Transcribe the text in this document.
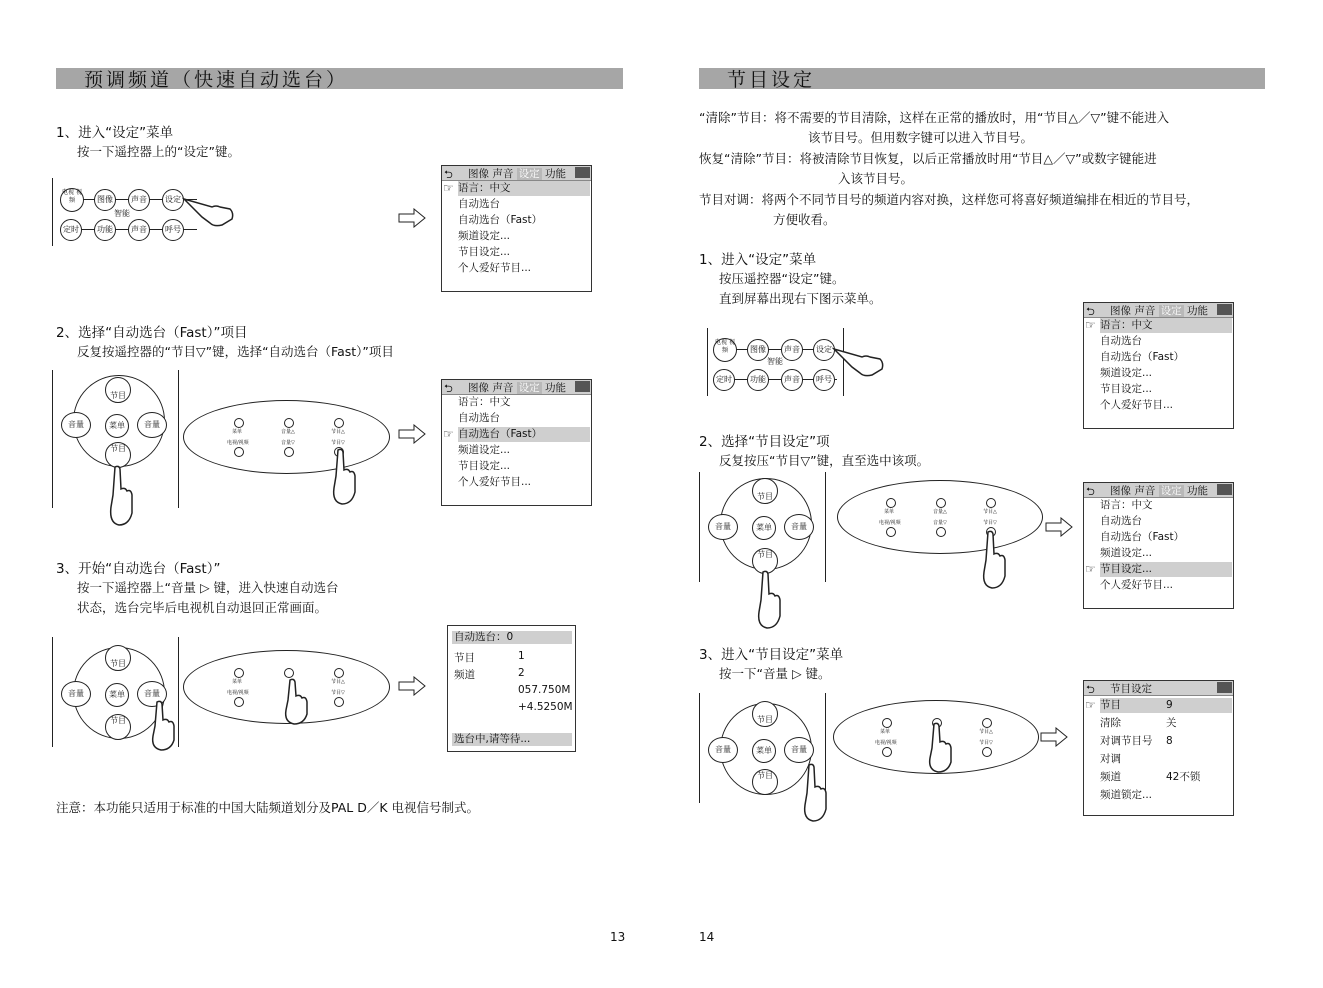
预调频道（快速自动选台）
1、进入“设定”菜单
按一下遥控器上的“设定”键。
电视 视频	图像	声音	设定
智能
定时	功能	声音	呼号
⮌ 图像 声音 设定 功能
☞ 语言：中文
自动选台
自动选台（Fast）
频道设定...
节目设定...
个人爱好节目...
2、选择“自动选台（Fast）”项目
反复按遥控器的“节目▽”键，选择“自动选台（Fast）”项目
节目
节目
音量	音量
菜单
菜单	音量△	节目△
电视/视频	音量▽	节目▽
⮌ 图像 声音 设定 功能
☞
语言：中文
自动选台
自动选台（Fast）
频道设定...
节目设定...
个人爱好节目...
3、开始“自动选台（Fast）”
按一下遥控器上“音量 ▷ 键，进入快速自动选台
状态，选台完毕后电视机自动退回正常画面。
节目
节目
音量	音量
菜单
菜单	节目△
电视/视频	节目▽
自动选台：0
节目	1
频道	2
057.750M
+4.5250M
选台中,请等待...
注意：本功能只适用于标准的中国大陆频道划分及PAL D／K 电视信号制式。
13
节目设定
“清除”节目：将不需要的节目清除，这样在正常的播放时，用“节目△／▽”键不能进入
该节目号。但用数字键可以进入节目号。
恢复“清除”节目：将被清除节目恢复，以后正常播放时用“节目△／▽”或数字键能进
入该节目号。
节目对调：将两个不同节目号的频道内容对换，这样您可将喜好频道编排在相近的节目号，
方便收看。
1、进入“设定”菜单
按压遥控器“设定”键。
直到屏幕出现右下图示菜单。
电视 视频	图像	声音	设定
智能
定时	功能	声音	呼号
⮌ 图像 声音 设定 功能
☞ 语言：中文
自动选台
自动选台（Fast）
频道设定...
节目设定...
个人爱好节目...
2、选择“节目设定”项
反复按压“节目▽”键，直至选中该项。
节目
节目
音量	音量
菜单
菜单	音量△	节目△
电视/视频	音量▽	节目▽
⮌ 图像 声音 设定 功能
☞
语言：中文
自动选台
自动选台（Fast）
频道设定...
节目设定...
个人爱好节目...
3、进入“节目设定”菜单
按一下“音量 ▷ 键。
节目
节目
音量	音量
菜单
菜单	节目△
电视/视频	节目▽
⮌ 节目设定
☞ 节目	9
清除	关
对调节目号 8
对调
频道	42不锁
频道锁定...
14
